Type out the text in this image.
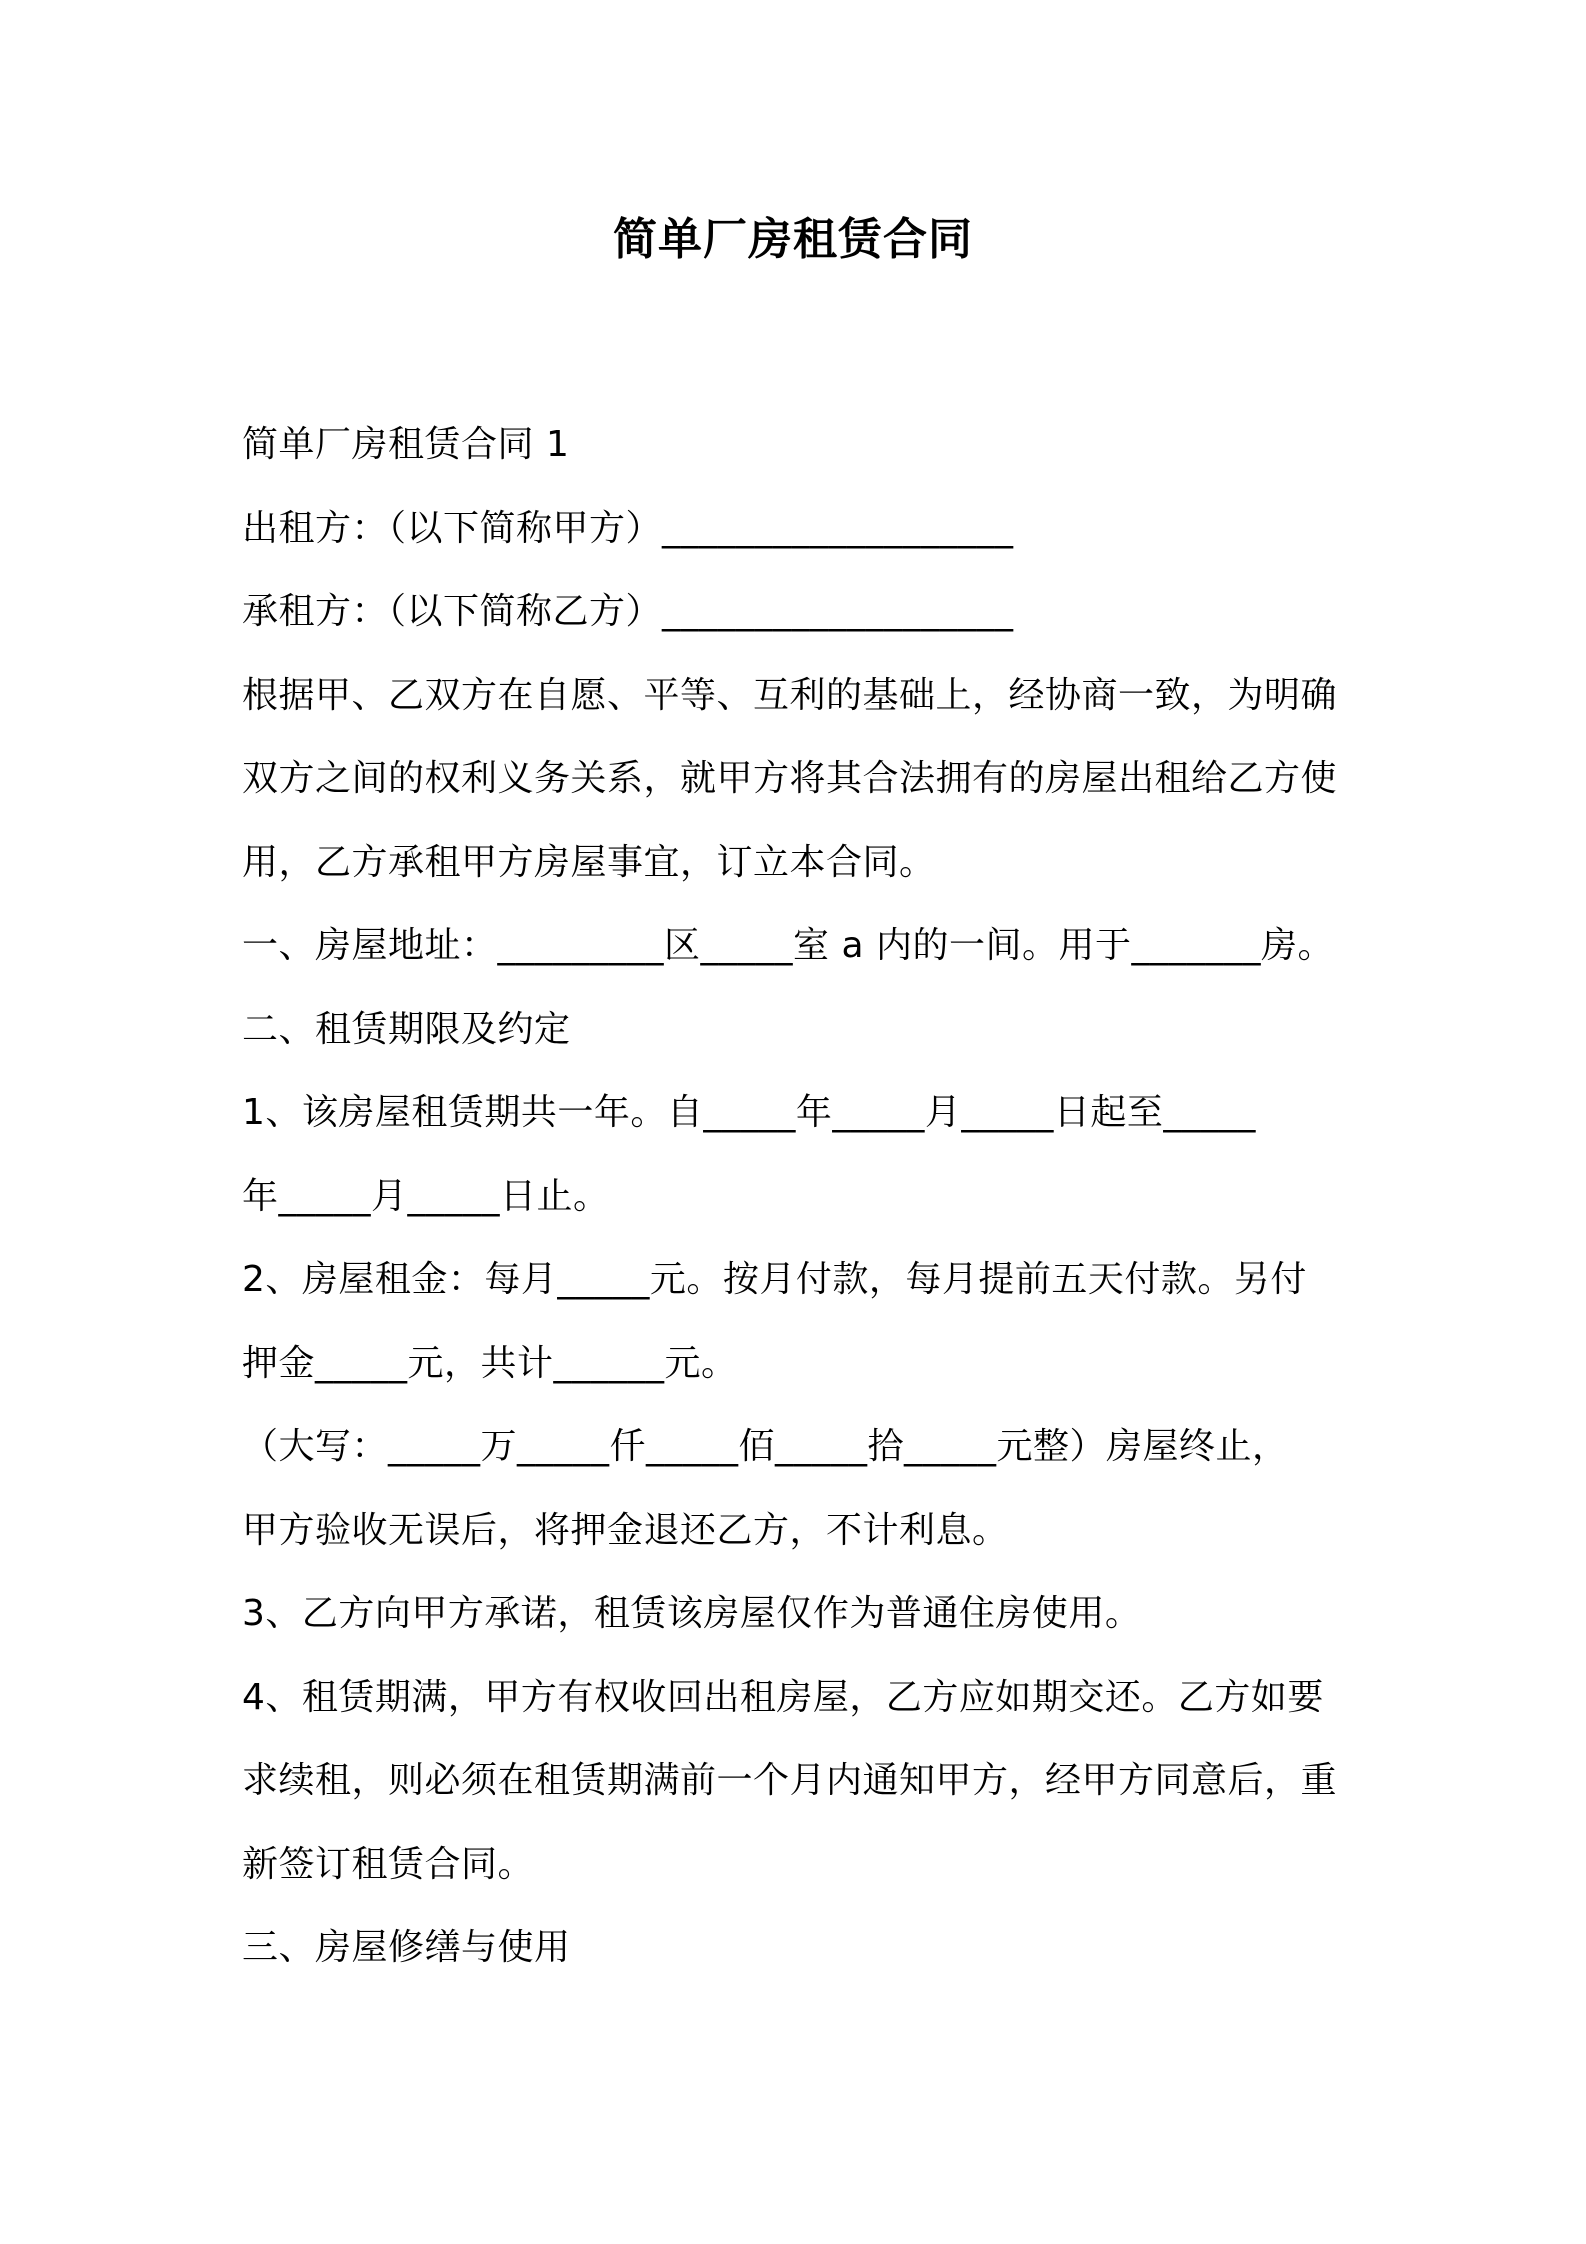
简单厂房租赁合同
简单厂房租赁合同 1
出租方：（以下简称甲方）___________________
承租方：（以下简称乙方）___________________
根据甲、乙双方在自愿、平等、互利的基础上，经协商一致，为明确
双方之间的权利义务关系，就甲方将其合法拥有的房屋出租给乙方使
用，乙方承租甲方房屋事宜，订立本合同。
一、房屋地址：_________区_____室 a 内的一间。用于_______房。
二、租赁期限及约定
1、该房屋租赁期共一年。自_____年_____月_____日起至_____
年_____月_____日止。
2、房屋租金：每月_____元。按月付款，每月提前五天付款。另付
押金_____元，共计______元。
（大写：_____万_____仟_____佰_____拾_____元整）房屋终止，
甲方验收无误后，将押金退还乙方，不计利息。
3、乙方向甲方承诺，租赁该房屋仅作为普通住房使用。
4、租赁期满，甲方有权收回出租房屋，乙方应如期交还。乙方如要
求续租，则必须在租赁期满前一个月内通知甲方，经甲方同意后，重
新签订租赁合同。
三、房屋修缮与使用
